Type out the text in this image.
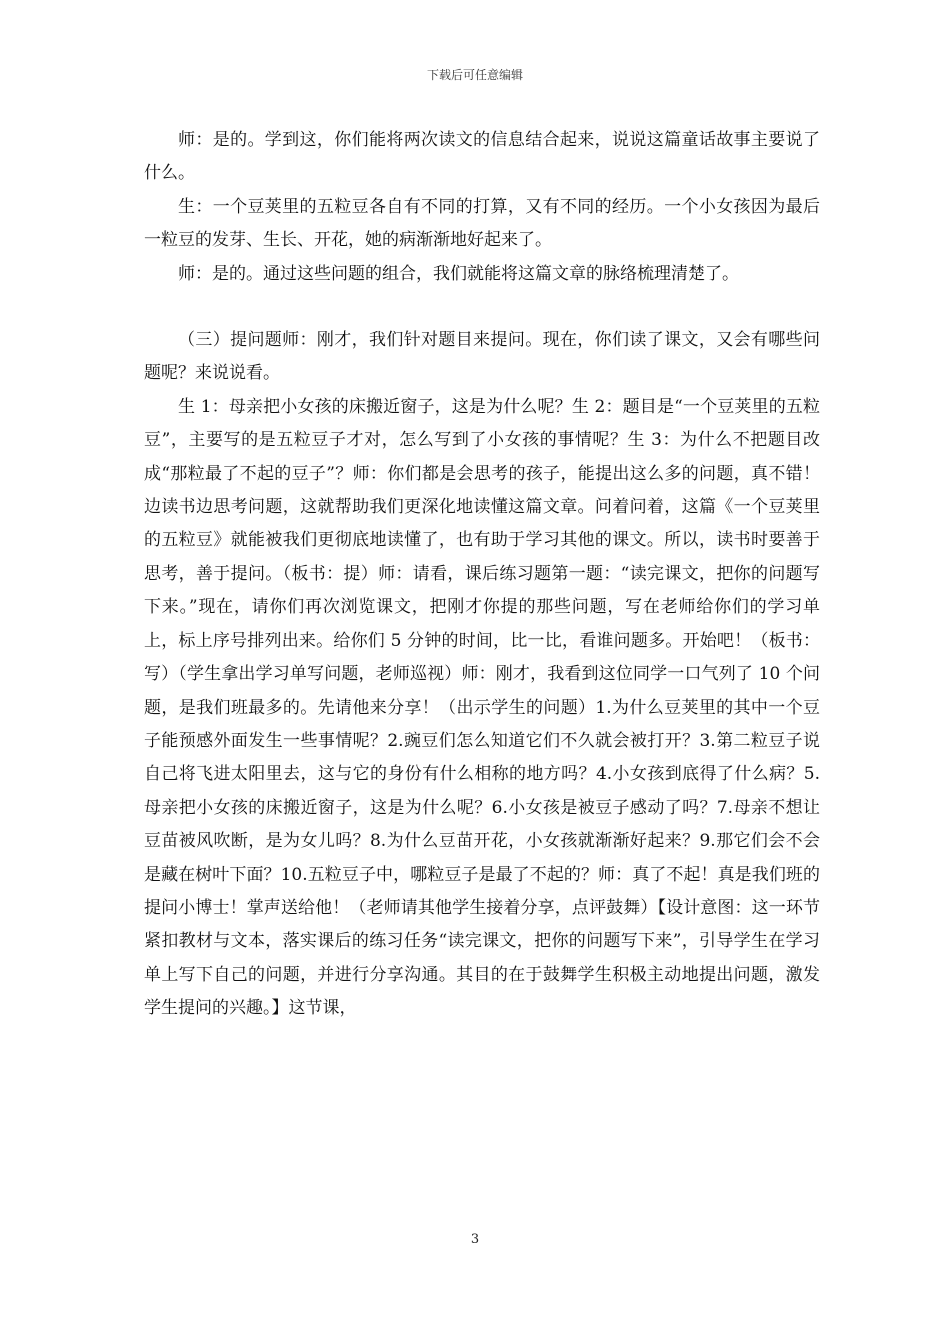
下载后可任意编辑

师：是的。学到这，你们能将两次读文的信息结合起来，说说这篇童话故事主要说了什么。

生：一个豆荚里的五粒豆各自有不同的打算，又有不同的经历。一个小女孩因为最后一粒豆的发芽、生长、开花，她的病渐渐地好起来了。

师：是的。通过这些问题的组合，我们就能将这篇文章的脉络梳理清楚了。

（三）提问题师：刚才，我们针对题目来提问。现在，你们读了课文，又会有哪些问题呢？来说说看。

生 1：母亲把小女孩的床搬近窗子，这是为什么呢？生 2：题目是“一个豆荚里的五粒豆”，主要写的是五粒豆子才对，怎么写到了小女孩的事情呢？生 3：为什么不把题目改成“那粒最了不起的豆子”？师：你们都是会思考的孩子，能提出这么多的问题，真不错！边读书边思考问题，这就帮助我们更深化地读懂这篇文章。问着问着，这篇《一个豆荚里的五粒豆》就能被我们更彻底地读懂了，也有助于学习其他的课文。所以，读书时要善于思考，善于提问。（板书：提）师：请看，课后练习题第一题：“读完课文，把你的问题写下来。”现在，请你们再次浏览课文，把刚才你提的那些问题，写在老师给你们的学习单上，标上序号排列出来。给你们 5 分钟的时间，比一比，看谁问题多。开始吧！（板书：写）（学生拿出学习单写问题，老师巡视）师：刚才，我看到这位同学一口气列了 10 个问题，是我们班最多的。先请他来分享！（出示学生的问题）1.为什么豆荚里的其中一个豆子能预感外面发生一些事情呢？2.豌豆们怎么知道它们不久就会被打开？3.第二粒豆子说自己将飞进太阳里去，这与它的身份有什么相称的地方吗？4.小女孩到底得了什么病？5.母亲把小女孩的床搬近窗子，这是为什么呢？6.小女孩是被豆子感动了吗？7.母亲不想让豆苗被风吹断，是为女儿吗？8.为什么豆苗开花，小女孩就渐渐好起来？9.那它们会不会是藏在树叶下面？10.五粒豆子中，哪粒豆子是最了不起的？师：真了不起！真是我们班的提问小博士！掌声送给他！（老师请其他学生接着分享，点评鼓舞）【设计意图：这一环节紧扣教材与文本，落实课后的练习任务“读完课文，把你的问题写下来”，引导学生在学习单上写下自己的问题，并进行分享沟通。其目的在于鼓舞学生积极主动地提出问题，激发学生提问的兴趣。】这节课，

3
